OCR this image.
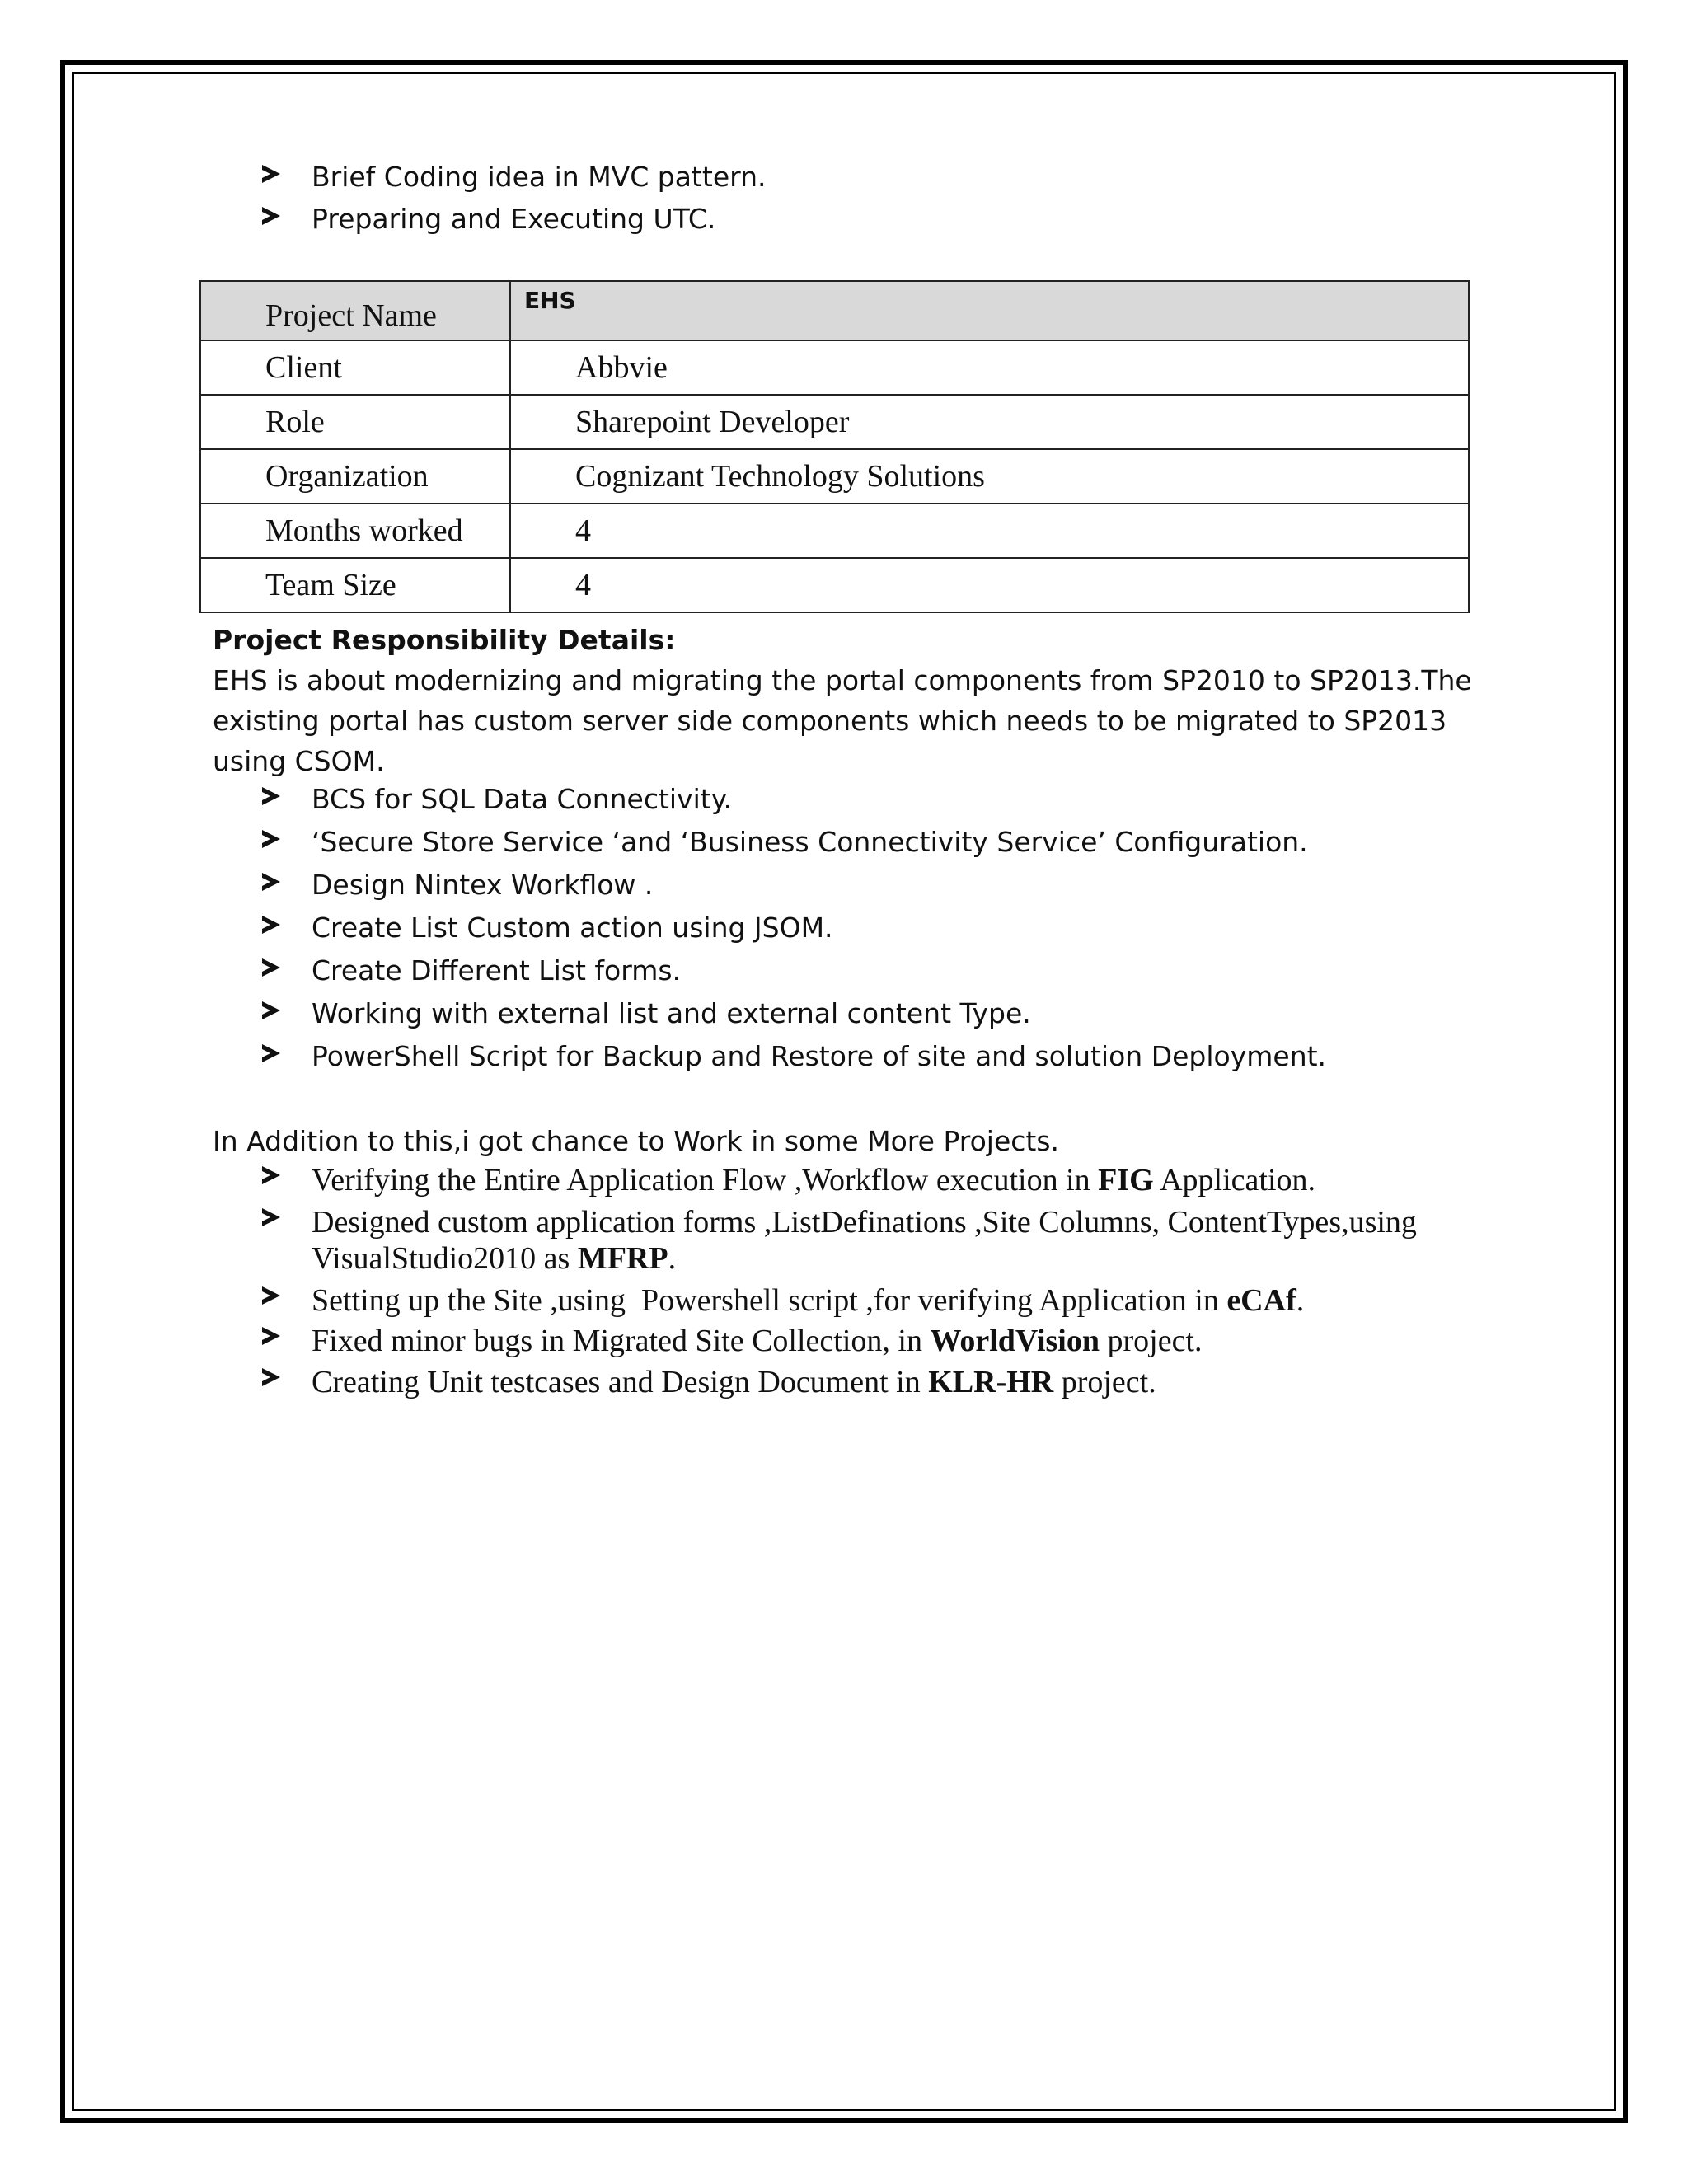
Brief Coding idea in MVC pattern.
Preparing and Executing UTC.
Project Name	EHS
Client	Abbvie
Role	Sharepoint Developer
Organization	Cognizant Technology Solutions
Months worked	4
Team Size	4
Project Responsibility Details:
EHS is about modernizing and migrating the portal components from SP2010 to SP2013.The
existing portal has custom server side components which needs to be migrated to SP2013
using CSOM.
BCS for SQL Data Connectivity.
‘Secure Store Service ‘and ‘Business Connectivity Service’ Configuration.
Design Nintex Workflow .
Create List Custom action using JSOM.
Create Different List forms.
Working with external list and external content Type.
PowerShell Script for Backup and Restore of site and solution Deployment.
In Addition to this,i got chance to Work in some More Projects.
Verifying the Entire Application Flow ,Workflow execution in FIG Application.
Designed custom application forms ,ListDefinations ,Site Columns, ContentTypes,using
VisualStudio2010 as MFRP .
Setting up the Site ,using  Powershell script ,for verifying Application in eCAf .
Fixed minor bugs in Migrated Site Collection, in WorldVision project.
Creating Unit testcases and Design Document in KLR-HR project.
